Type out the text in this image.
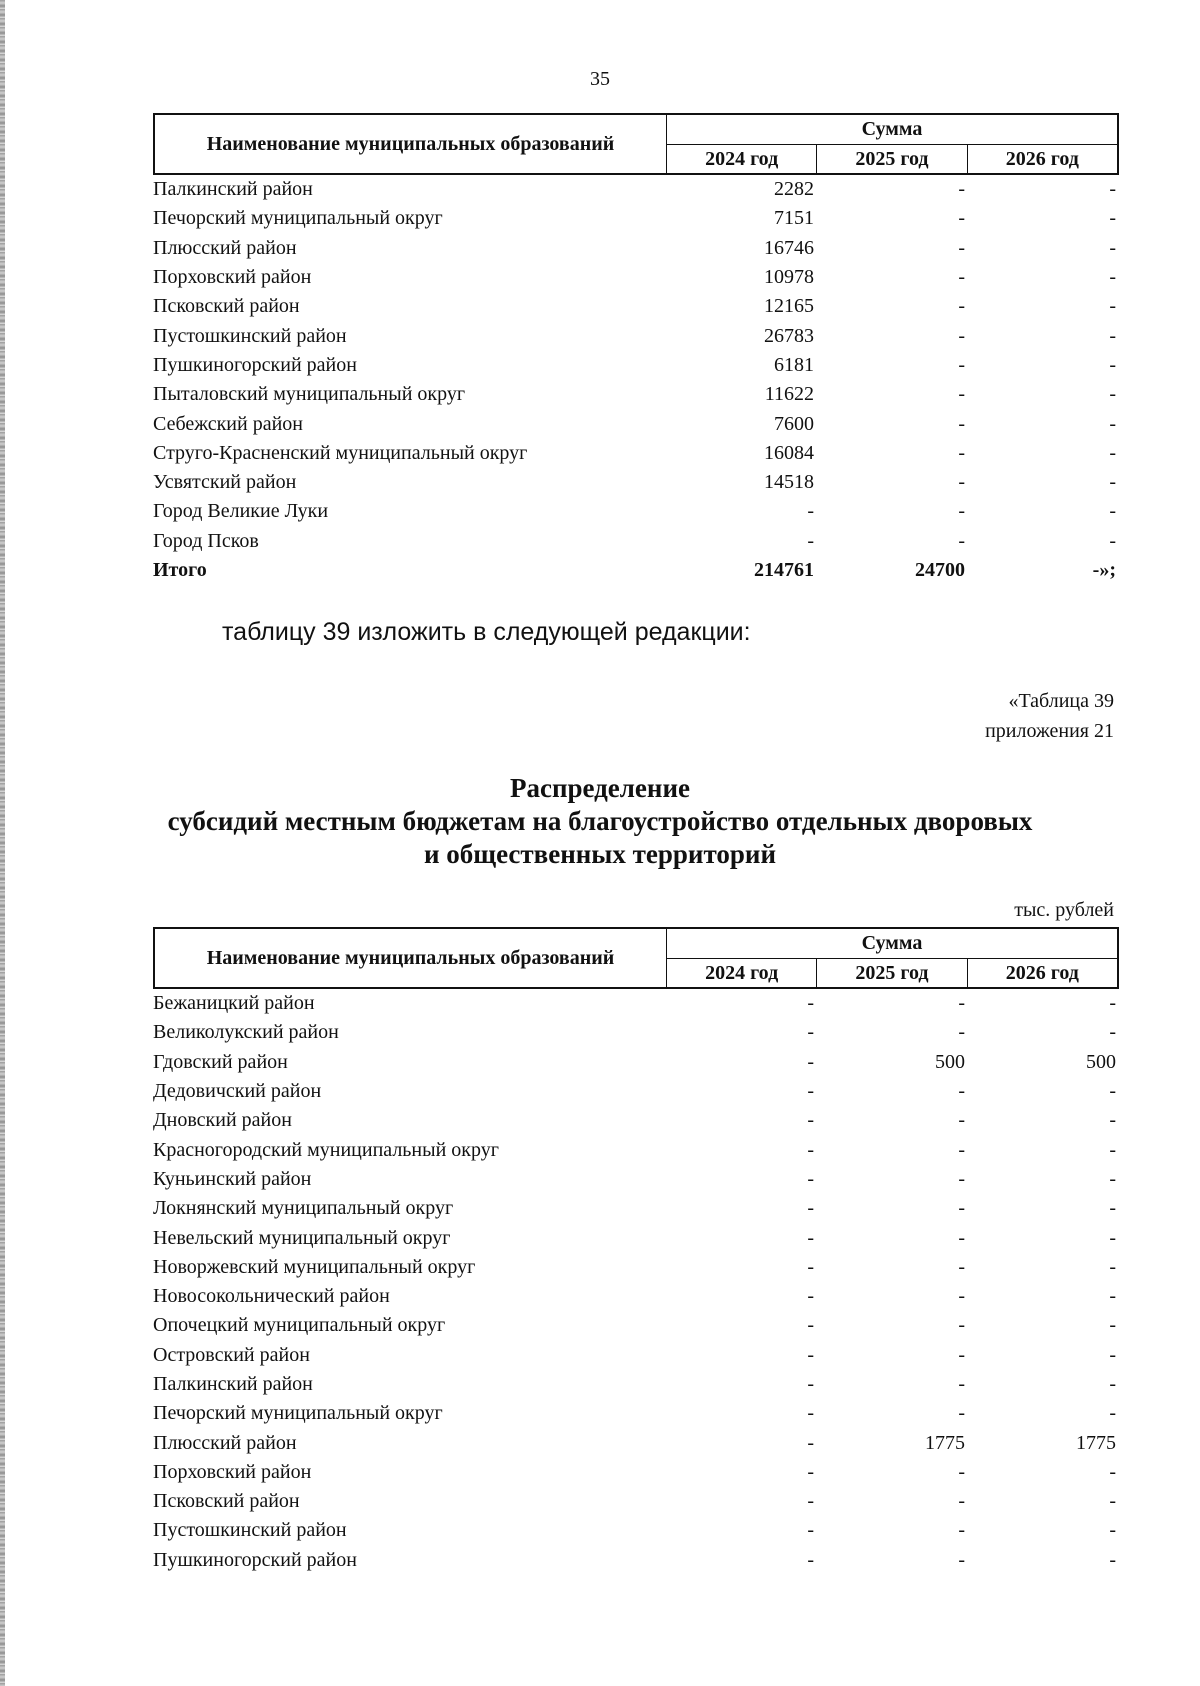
35
Наименование муниципальных образований
Сумма
2024 год	2025 год	2026 год
Палкинский район	2282	-	-
Печорский муниципальный округ	7151	-	-
Плюсский район	16746	-	-
Порховский район	10978	-	-
Псковский район	12165	-	-
Пустошкинский район	26783	-	-
Пушкиногорский район	6181	-	-
Пыталовский муниципальный округ	11622	-	-
Себежский район	7600	-	-
Струго-Красненский муниципальный округ	16084	-	-
Усвятский район	14518	-	-
Город Великие Луки	-	-	-
Город Псков	-	-	-
Итого	214761	24700	-»;
таблицу 39 изложить в следующей редакции:
«Таблица 39
приложения 21
Распределение
субсидий местным бюджетам на благоустройство отдельных дворовых
и общественных территорий
тыс. рублей
Наименование муниципальных образований
Сумма
2024 год	2025 год	2026 год
Бежаницкий район	-	-	-
Великолукский район	-	-	-
Гдовский район	-	500	500
Дедовичский район	-	-	-
Дновский район	-	-	-
Красногородский муниципальный округ	-	-	-
Куньинский район	-	-	-
Локнянский муниципальный округ	-	-	-
Невельский муниципальный округ	-	-	-
Новоржевский муниципальный округ	-	-	-
Новосокольнический район	-	-	-
Опочецкий муниципальный округ	-	-	-
Островский район	-	-	-
Палкинский район	-	-	-
Печорский муниципальный округ	-	-	-
Плюсский район	-	1775	1775
Порховский район	-	-	-
Псковский район	-	-	-
Пустошкинский район	-	-	-
Пушкиногорский район	-	-	-
